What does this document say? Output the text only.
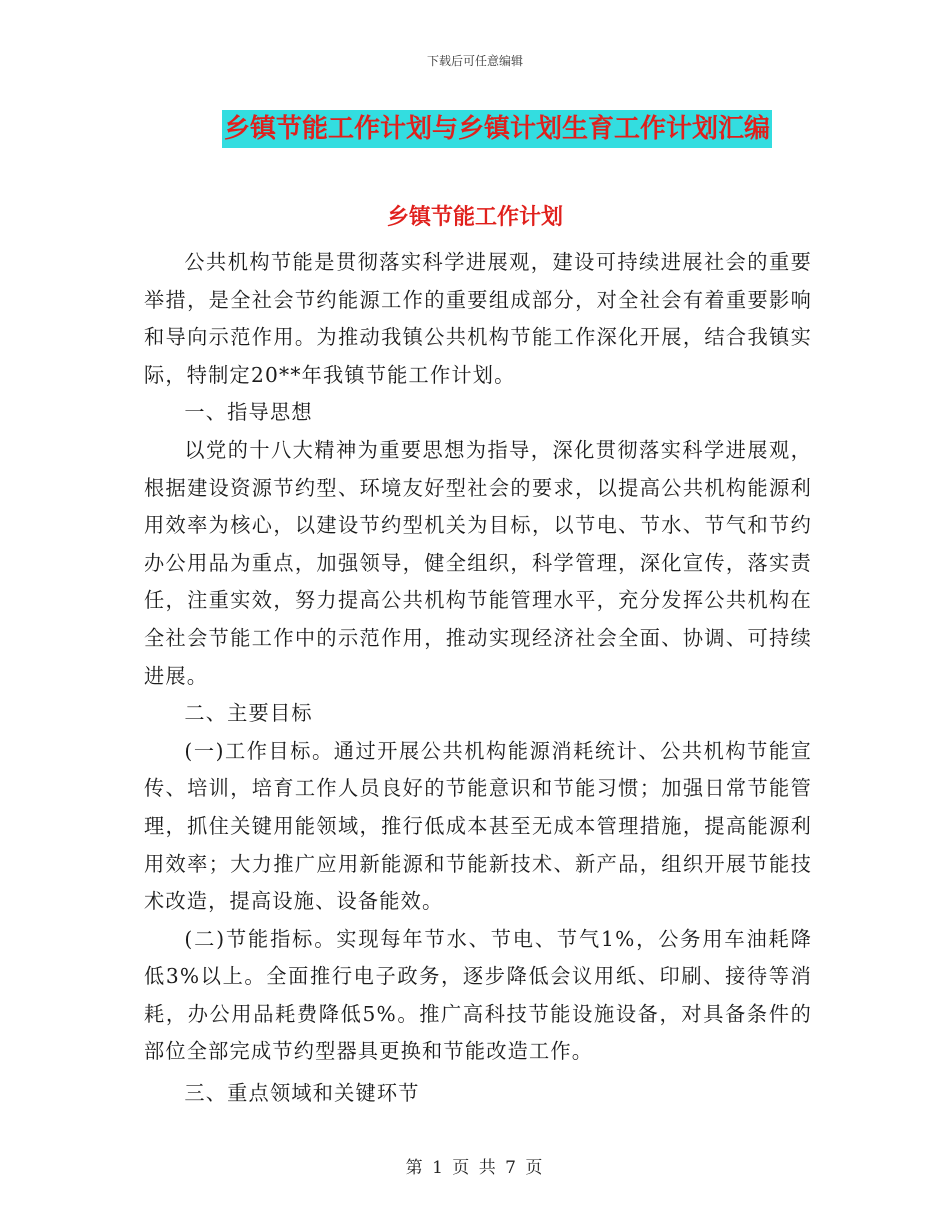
下载后可任意编辑
乡镇节能工作计划与乡镇计划生育工作计划汇编
乡镇节能工作计划

公共机构节能是贯彻落实科学进展观，建设可持续进展社会的重要举措，是全社会节约能源工作的重要组成部分，对全社会有着重要影响和导向示范作用。为推动我镇公共机构节能工作深化开展，结合我镇实际，特制定20**年我镇节能工作计划。

一、指导思想

以党的十八大精神为重要思想为指导，深化贯彻落实科学进展观，根据建设资源节约型、环境友好型社会的要求，以提高公共机构能源利用效率为核心，以建设节约型机关为目标，以节电、节水、节气和节约办公用品为重点，加强领导，健全组织，科学管理，深化宣传，落实责任，注重实效，努力提高公共机构节能管理水平，充分发挥公共机构在全社会节能工作中的示范作用，推动实现经济社会全面、协调、可持续进展。

二、主要目标

(一)工作目标。通过开展公共机构能源消耗统计、公共机构节能宣传、培训，培育工作人员良好的节能意识和节能习惯；加强日常节能管理，抓住关键用能领域，推行低成本甚至无成本管理措施，提高能源利用效率；大力推广应用新能源和节能新技术、新产品，组织开展节能技术改造，提高设施、设备能效。

(二)节能指标。实现每年节水、节电、节气1%，公务用车油耗降低3%以上。全面推行电子政务，逐步降低会议用纸、印刷、接待等消耗，办公用品耗费降低5%。推广高科技节能设施设备，对具备条件的部位全部完成节约型器具更换和节能改造工作。

三、重点领域和关键环节

第 1 页 共 7 页
